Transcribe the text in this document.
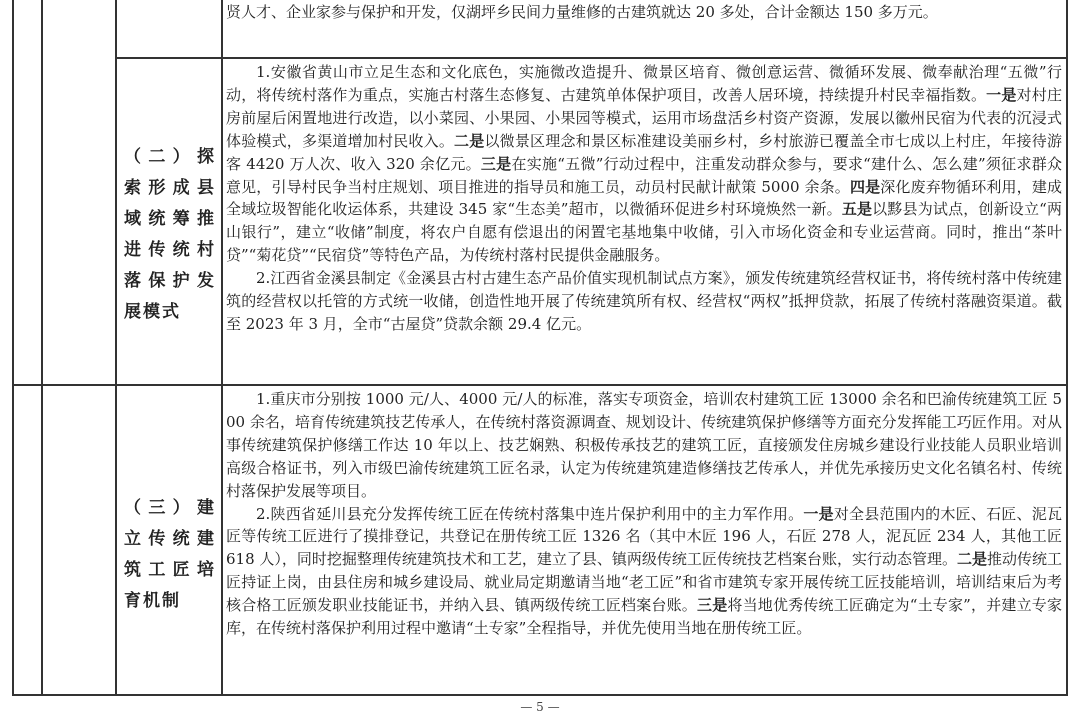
贤人才、企业家参与保护和开发，仅湖坪乡民间力量维修的古建筑就达 20 多处，合计金额达 150 多万元。

（二）探索形成县域统筹推进传统村落保护发展模式

1.安徽省黄山市立足生态和文化底色，实施微改造提升、微景区培育、微创意运营、微循环发展、微奉献治理“五微”行动，将传统村落作为重点，实施古村落生态修复、古建筑单体保护项目，改善人居环境，持续提升村民幸福指数。一是对村庄房前屋后闲置地进行改造，以小菜园、小果园、小果园等模式，运用市场盘活乡村资产资源，发展以徽州民宿为代表的沉浸式体验模式，多渠道增加村民收入。二是以微景区理念和景区标准建设美丽乡村，乡村旅游已覆盖全市七成以上村庄，年接待游客 4420 万人次、收入 320 余亿元。三是在实施“五微”行动过程中，注重发动群众参与，要求“建什么、怎么建”须征求群众意见，引导村民争当村庄规划、项目推进的指导员和施工员，动员村民献计献策 5000 余条。四是深化废弃物循环利用，建成全域垃圾智能化收运体系，共建设 345 家“生态美”超市，以微循环促进乡村环境焕然一新。五是以黟县为试点，创新设立“两山银行”，建立“收储”制度，将农户自愿有偿退出的闲置宅基地集中收储，引入市场化资金和专业运营商。同时，推出“茶叶贷”“菊花贷”“民宿贷”等特色产品，为传统村落村民提供金融服务。

2.江西省金溪县制定《金溪县古村古建生态产品价值实现机制试点方案》，颁发传统建筑经营权证书，将传统村落中传统建筑的经营权以托管的方式统一收储，创造性地开展了传统建筑所有权、经营权“两权”抵押贷款，拓展了传统村落融资渠道。截至 2023 年 3 月，全市“古屋贷”贷款余额 29.4 亿元。

（三）建立传统建筑工匠培育机制

1.重庆市分别按 1000 元/人、4000 元/人的标准，落实专项资金，培训农村建筑工匠 13000 余名和巴渝传统建筑工匠 500 余名，培育传统建筑技艺传承人，在传统村落资源调查、规划设计、传统建筑保护修缮等方面充分发挥能工巧匠作用。对从事传统建筑保护修缮工作达 10 年以上、技艺娴熟、积极传承技艺的建筑工匠，直接颁发住房城乡建设行业技能人员职业培训高级合格证书，列入市级巴渝传统建筑工匠名录，认定为传统建筑建造修缮技艺传承人，并优先承接历史文化名镇名村、传统村落保护发展等项目。

2.陕西省延川县充分发挥传统工匠在传统村落集中连片保护利用中的主力军作用。一是对全县范围内的木匠、石匠、泥瓦匠等传统工匠进行了摸排登记，共登记在册传统工匠 1326 名（其中木匠 196 人，石匠 278 人，泥瓦匠 234 人，其他工匠 618 人），同时挖掘整理传统建筑技术和工艺，建立了县、镇两级传统工匠传统技艺档案台账，实行动态管理。二是推动传统工匠持证上岗，由县住房和城乡建设局、就业局定期邀请当地“老工匠”和省市建筑专家开展传统工匠技能培训，培训结束后为考核合格工匠颁发职业技能证书，并纳入县、镇两级传统工匠档案台账。三是将当地优秀传统工匠确定为“土专家”，并建立专家库，在传统村落保护利用过程中邀请“土专家”全程指导，并优先使用当地在册传统工匠。

— 5 —
